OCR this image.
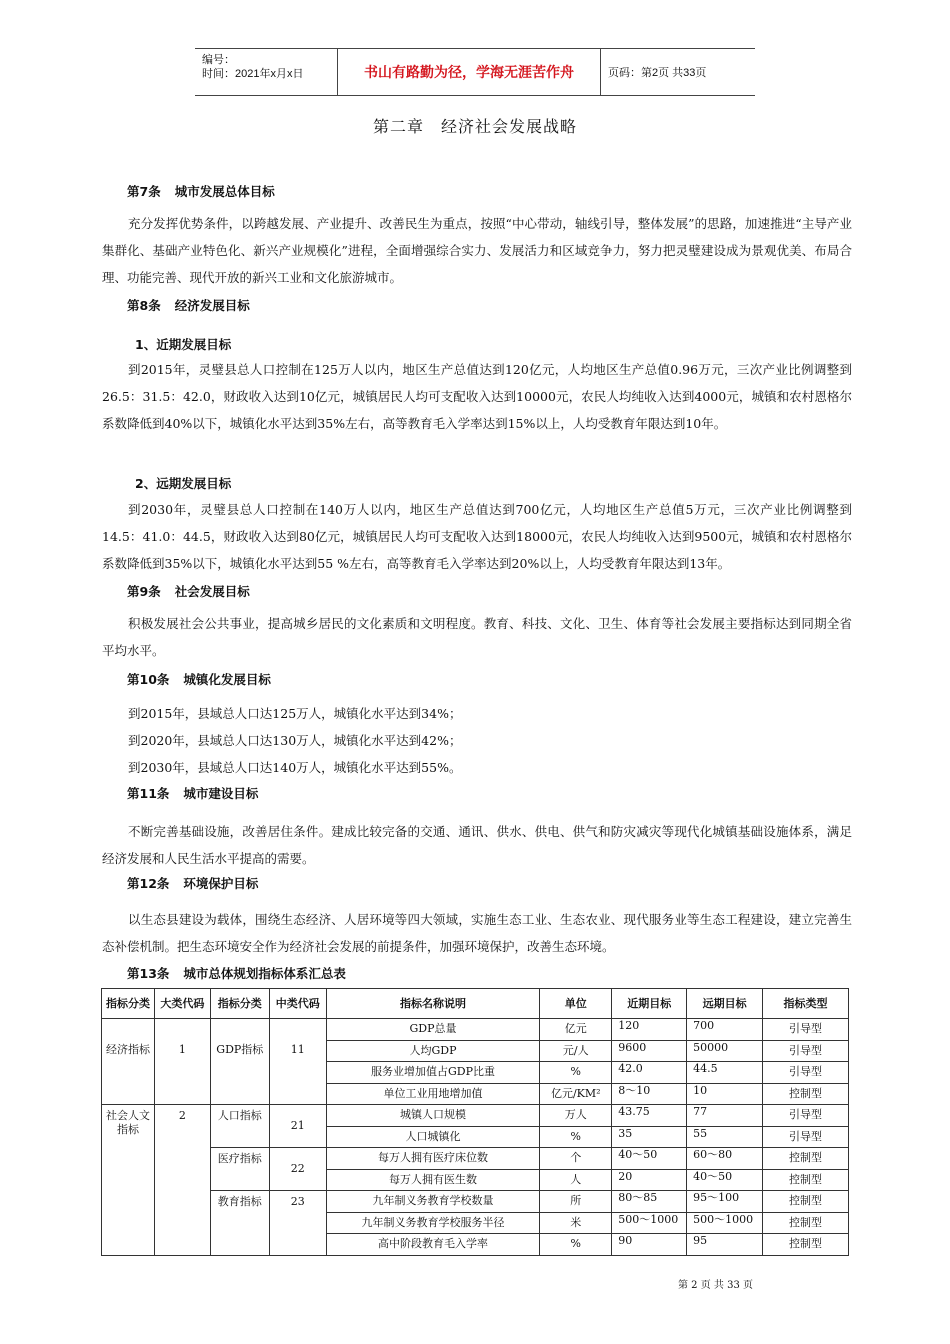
编号：
时间：2021年x月x日	书山有路勤为径，学海无涯苦作舟	页码：第2页 共33页
第二章　经济社会发展战略
第7条 城市发展总体目标
充分发挥优势条件，以跨越发展、产业提升、改善民生为重点，按照“中心带动，轴线引导，整体发展”的思路，加速推进“主导产业集群化、基础产业特色化、新兴产业规模化”进程，全面增强综合实力、发展活力和区域竞争力，努力把灵璧建设成为景观优美、布局合理、功能完善、现代开放的新兴工业和文化旅游城市。
第8条 经济发展目标
1、近期发展目标
到2015年，灵璧县总人口控制在125万人以内，地区生产总值达到120亿元，人均地区生产总值0.96万元，三次产业比例调整到26.5：31.5：42.0，财政收入达到10亿元，城镇居民人均可支配收入达到10000元，农民人均纯收入达到4000元，城镇和农村恩格尔系数降低到40%以下，城镇化水平达到35%左右，高等教育毛入学率达到15%以上，人均受教育年限达到10年。
2、远期发展目标
到2030年，灵璧县总人口控制在140万人以内，地区生产总值达到700亿元，人均地区生产总值5万元，三次产业比例调整到14.5：41.0：44.5，财政收入达到80亿元，城镇居民人均可支配收入达到18000元，农民人均纯收入达到9500元，城镇和农村恩格尔系数降低到35%以下，城镇化水平达到55 %左右，高等教育毛入学率达到20%以上，人均受教育年限达到13年。
第9条 社会发展目标
积极发展社会公共事业，提高城乡居民的文化素质和文明程度。教育、科技、文化、卫生、体育等社会发展主要指标达到同期全省平均水平。
第10条 城镇化发展目标
到2015年，县域总人口达125万人，城镇化水平达到34%；
到2020年，县域总人口达130万人，城镇化水平达到42%；
到2030年，县域总人口达140万人，城镇化水平达到55%。
第11条 城市建设目标
不断完善基础设施，改善居住条件。建成比较完备的交通、通讯、供水、供电、供气和防灾减灾等现代化城镇基础设施体系，满足经济发展和人民生活水平提高的需要。
第12条 环境保护目标
以生态县建设为载体，围绕生态经济、人居环境等四大领域，实施生态工业、生态农业、现代服务业等生态工程建设，建立完善生态补偿机制。把生态环境安全作为经济社会发展的前提条件，加强环境保护，改善生态环境。
第13条 城市总体规划指标体系汇总表
指标分类	大类代码	指标分类	中类代码	指标名称说明	单位	近期目标	远期目标	指标类型
经济指标	1	GDP指标	11	GDP总量	亿元	120	700	引导型
				人均GDP	元/人	9600	50000	引导型
				服务业增加值占GDP比重	%	42.0	44.5	引导型
				单位工业用地增加值	亿元/KM²	8～10	10	控制型
社会人文指标	2	人口指标	21	城镇人口规模	万人	43.75	77	引导型
				人口城镇化	%	35	55	引导型
		医疗指标	22	每万人拥有医疗床位数	个	40～50	60～80	控制型
				每万人拥有医生数	人	20	40～50	控制型
		教育指标	23	九年制义务教育学校数量	所	80～85	95～100	控制型
				九年制义务教育学校服务半径	米	500～1000	500～1000	控制型
				高中阶段教育毛入学率	%	90	95	控制型
第 2 页 共 33 页
